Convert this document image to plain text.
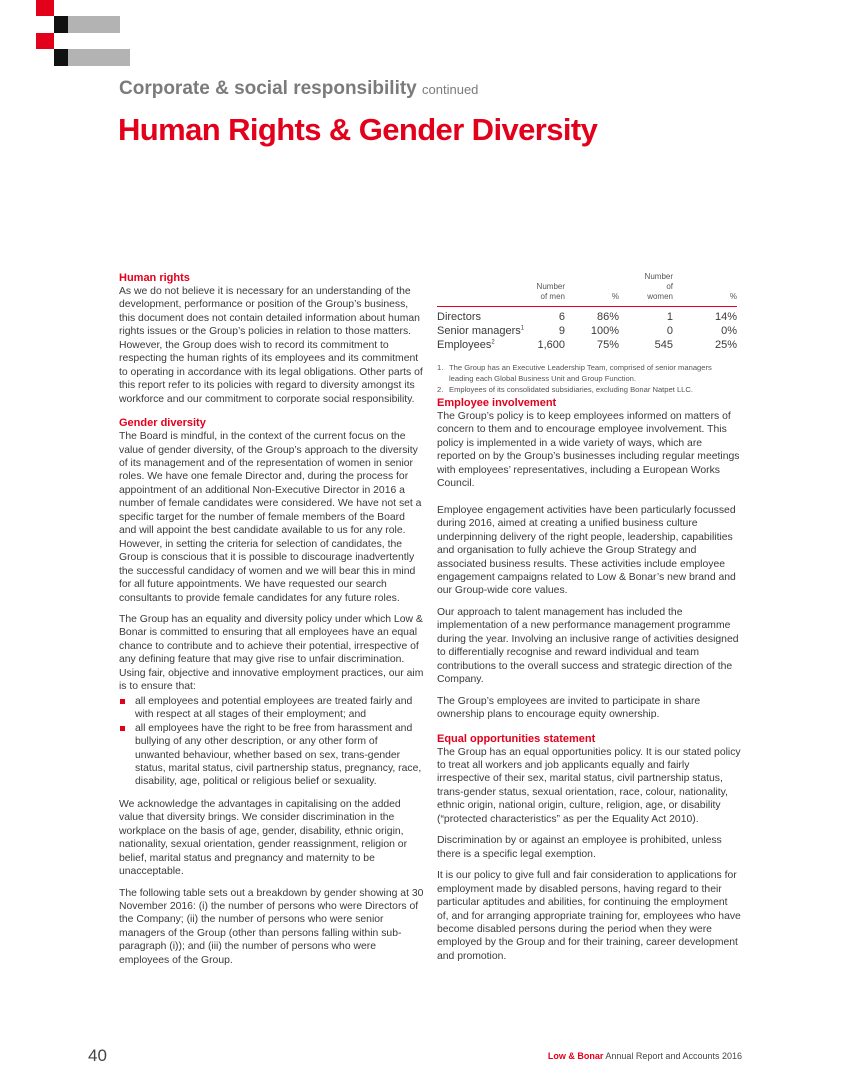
Corporate & social responsibility continued
Human Rights & Gender Diversity
Human rights

As we do not believe it is necessary for an understanding of the development, performance or position of the Group’s business, this document does not contain detailed information about human rights issues or the Group’s policies in relation to those matters. However, the Group does wish to record its commitment to respecting the human rights of its employees and its commitment to operating in accordance with its legal obligations. Other parts of this report refer to its policies with regard to diversity amongst its workforce and our commitment to corporate social responsibility.

Gender diversity

The Board is mindful, in the context of the current focus on the value of gender diversity, of the Group’s approach to the diversity of its management and of the representation of women in senior roles. We have one female Director and, during the process for appointment of an additional Non-Executive Director in 2016 a number of female candidates were considered. We have not set a specific target for the number of female members of the Board and will appoint the best candidate available to us for any role. However, in setting the criteria for selection of candidates, the Group is conscious that it is possible to discourage inadvertently the successful candidacy of women and we will bear this in mind for all future appointments. We have requested our search consultants to provide female candidates for any future roles.

The Group has an equality and diversity policy under which Low & Bonar is committed to ensuring that all employees have an equal chance to contribute and to achieve their potential, irrespective of any defining feature that may give rise to unfair discrimination. Using fair, objective and innovative employment practices, our aim is to ensure that:

all employees and potential employees are treated fairly and with respect at all stages of their employment; and
all employees have the right to be free from harassment and bullying of any other description, or any other form of unwanted behaviour, whether based on sex, trans-gender status, marital status, civil partnership status, pregnancy, race, disability, age, political or religious belief or sexuality.

We acknowledge the advantages in capitalising on the added value that diversity brings. We consider discrimination in the workplace on the basis of age, gender, disability, ethnic origin, nationality, sexual orientation, gender reassignment, religion or belief, marital status and pregnancy and maternity to be unacceptable.

The following table sets out a breakdown by gender showing at 30 November 2016: (i) the number of persons who were Directors of the Company; (ii) the number of persons who were senior managers of the Group (other than persons falling within sub-paragraph (i)); and (iii) the number of persons who were employees of the Group.

	Number
of men	%	Number
of
women	%
Directors	6	86%	1	14%
Senior managers$^1$	9	100%	0	0%
Employees$^2$	1,600	75%	545	25%
1. The Group has an Executive Leadership Team, comprised of senior managers leading each Global Business Unit and Group Function.
2. Employees of its consolidated subsidiaries, excluding Bonar Natpet LLC.
Employee involvement

The Group’s policy is to keep employees informed on matters of concern to them and to encourage employee involvement. This policy is implemented in a wide variety of ways, which are reported on by the Group’s businesses including regular meetings with employees’ representatives, including a European Works Council.

Employee engagement activities have been particularly focussed during 2016, aimed at creating a unified business culture underpinning delivery of the right people, leadership, capabilities and organisation to fully achieve the Group Strategy and associated business results. These activities include employee engagement campaigns related to Low & Bonar’s new brand and our Group-wide core values.

Our approach to talent management has included the implementation of a new performance management programme during the year. Involving an inclusive range of activities designed to differentially recognise and reward individual and team contributions to the overall success and strategic direction of the Company.

The Group’s employees are invited to participate in share ownership plans to encourage equity ownership.

Equal opportunities statement

The Group has an equal opportunities policy. It is our stated policy to treat all workers and job applicants equally and fairly irrespective of their sex, marital status, civil partnership status, trans-gender status, sexual orientation, race, colour, nationality, ethnic origin, national origin, culture, religion, age, or disability (“protected characteristics” as per the Equality Act 2010).

Discrimination by or against an employee is prohibited, unless there is a specific legal exemption.

It is our policy to give full and fair consideration to applications for employment made by disabled persons, having regard to their particular aptitudes and abilities, for continuing the employment of, and for arranging appropriate training for, employees who have become disabled persons during the period when they were employed by the Group and for their training, career development and promotion.

40	Low & Bonar Annual Report and Accounts 2016
